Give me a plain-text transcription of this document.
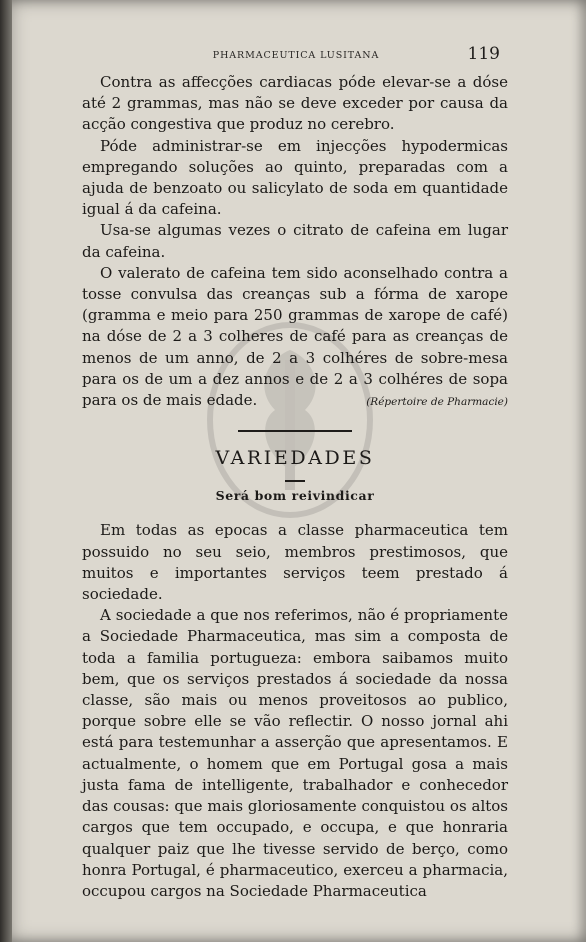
PHARMACEUTICA LUSITANA	119

Contra as affecções cardiacas póde elevar-se a dóse até 2 grammas, mas não se deve exceder por causa da acção congestiva que produz no cerebro.

Póde administrar-se em injecções hypodermicas empregando soluções ao quinto, preparadas com a ajuda de benzoato ou salicylato de soda em quantidade igual á da cafeina.

Usa-se algumas vezes o citrato de cafeina em lugar da cafeina.

O valerato de cafeina tem sido aconselhado contra a tosse convulsa das creanças sub a fórma de xarope (gramma e meio para 250 grammas de xarope de café) na dóse de 2 a 3 colheres de café para as creanças de menos de um anno, de 2 a 3 colhéres de sobre-mesa para os de um a dez annos e de 2 a 3 colhéres de sopa para os de mais edade.	(Répertoire de Pharmacie)

VARIEDADES
Será bom reivindicar

Em todas as epocas a classe pharmaceutica tem possuido no seu seio, membros prestimosos, que muitos e importantes serviços teem prestado á sociedade.

A sociedade a que nos referimos, não é propriamente a Sociedade Pharmaceutica, mas sim a composta de toda a familia portugueza: embora saibamos muito bem, que os serviços prestados á sociedade da nossa classe, são mais ou menos proveitosos ao publico, porque sobre elle se vão reflectir. O nosso jornal ahi está para testemunhar a asserção que apresentamos. E actualmente, o homem que em Portugal gosa a mais justa fama de intelligente, trabalhador e conhecedor das cousas: que mais gloriosamente conquistou os altos cargos que tem occupado, e occupa, e que honraria qualquer paiz que lhe tivesse servido de berço, como honra Portugal, é pharmaceutico, exerceu a pharmacia, occupou cargos na Sociedade Pharmaceutica
